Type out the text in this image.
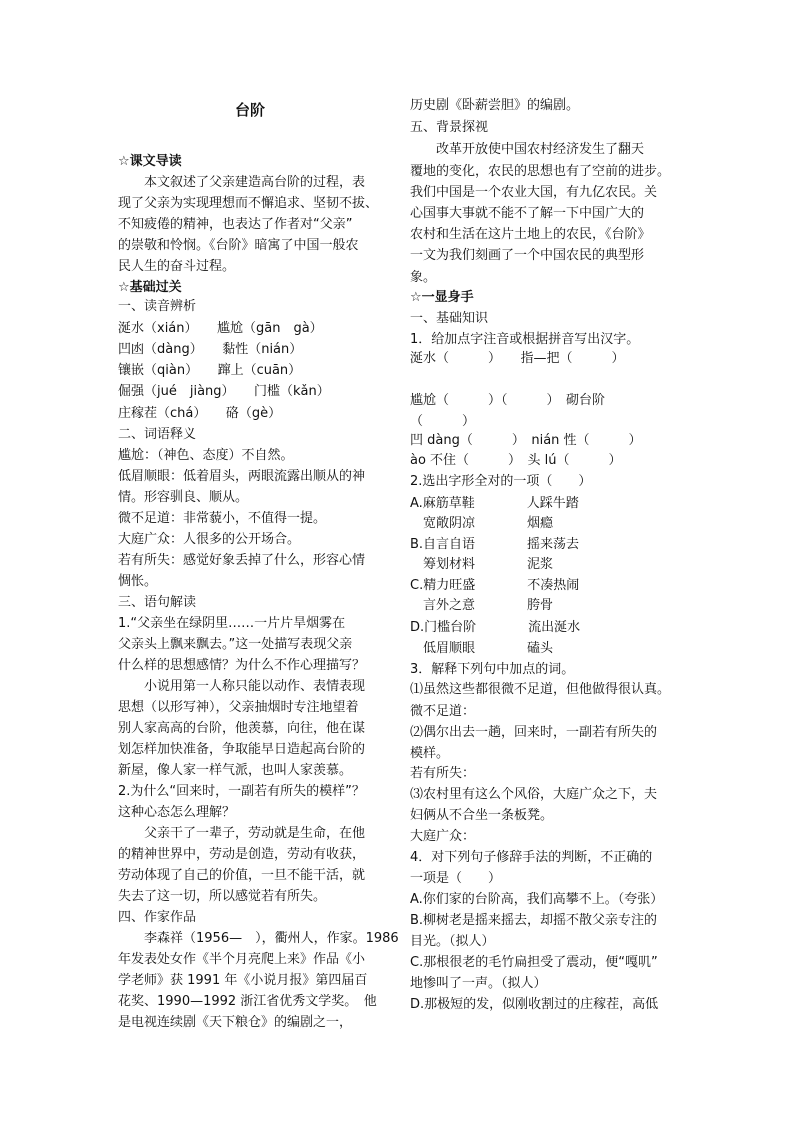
台阶
☆课文导读
　　本文叙述了父亲建造高台阶的过程，表
现了父亲为实现理想而不懈追求、坚韧不拔、
不知疲倦的精神，也表达了作者对“父亲”
的崇敬和怜悯。《台阶》暗寓了中国一般农
民人生的奋斗过程。
☆基础过关
一、读音辨析
涎水（xián）　　尴尬（gān　gà）
凹凼（dàng）　　黏性（nián）
镶嵌（qiàn）　　蹿上（cuān）
倔强（jué　jiàng）　　门槛（kǎn）
庄稼茬（chá）　　硌（gè）
二、词语释义
尴尬：（神色、态度）不自然。
低眉顺眼：低着眉头，两眼流露出顺从的神
情。形容驯良、顺从。
微不足道：非常藐小，不值得一提。
大庭广众：人很多的公开场合。
若有所失：感觉好象丢掉了什么，形容心情
惆怅。
三、语句解读
1.“父亲坐在绿阴里……一片片旱烟雾在
父亲头上飘来飘去。”这一处描写表现父亲
什么样的思想感情？为什么不作心理描写？
　　小说用第一人称只能以动作、表情表现
思想（以形写神），父亲抽烟时专注地望着
别人家高高的台阶，他羡慕，向往，他在谋
划怎样加快准备，争取能早日造起高台阶的
新屋，像人家一样气派，也叫人家羡慕。
2.为什么“回来时，一副若有所失的模样”？
这种心态怎么理解？
　　父亲干了一辈子，劳动就是生命，在他
的精神世界中，劳动是创造，劳动有收获，
劳动体现了自己的价值，一旦不能干活，就
失去了这一切，所以感觉若有所失。
四、作家作品
　　李森祥（1956—　），衢州人，作家。1986
年发表处女作《半个月亮爬上来》作品《小
学老师》获 1991 年《小说月报》第四届百
花奖、1990—1992 浙江省优秀文学奖。　他
是电视连续剧《天下粮仓》的编剧之一，
历史剧《卧薪尝胆》的编剧。
五、背景探视
　　改革开放使中国农村经济发生了翻天
覆地的变化，农民的思想也有了空前的进步。
我们中国是一个农业大国，有九亿农民。关
心国事大事就不能不了解一下中国广大的
农村和生活在这片土地上的农民，《台阶》
一文为我们刻画了一个中国农民的典型形
象。
☆一显身手
一、基础知识
1．给加点字注音或根据拼音写出汉字。
涎水（　　　）　　指—把（　　　）
尴尬（　　　）（　　　）　砌台阶
（　　　）
凹 dàng（　　　）　nián 性（　　　）
ào 不住（　　　）　头 lú（　　　）
2.选出字形全对的一项（　　）
A.麻筋草鞋　　　　人踩牛踏
　宽敞阴凉　　　　烟瘾
B.自言自语　　　　摇来荡去
　筹划材料　　　　泥浆
C.精力旺盛　　　　不凑热闹
　言外之意　　　　胯骨
D.门槛台阶　　　　流出涎水
　低眉顺眼　　　　磕头
3．解释下列句中加点的词。
⑴虽然这些都很微不足道，但他做得很认真。
微不足道：
⑵偶尔出去一趟，回来时，一副若有所失的
模样。
若有所失：
⑶农村里有这么个风俗，大庭广众之下，夫
妇俩从不合坐一条板凳。
大庭广众：
4．对下列句子修辞手法的判断，不正确的
一项是（　　）
A.你们家的台阶高，我们高攀不上。（夸张）
B.柳树老是摇来摇去，却摇不散父亲专注的
目光。（拟人）
C.那根很老的毛竹扁担受了震动，便“嘎叽”
地惨叫了一声。（拟人）
D.那极短的发，似刚收割过的庄稼茬，高低
